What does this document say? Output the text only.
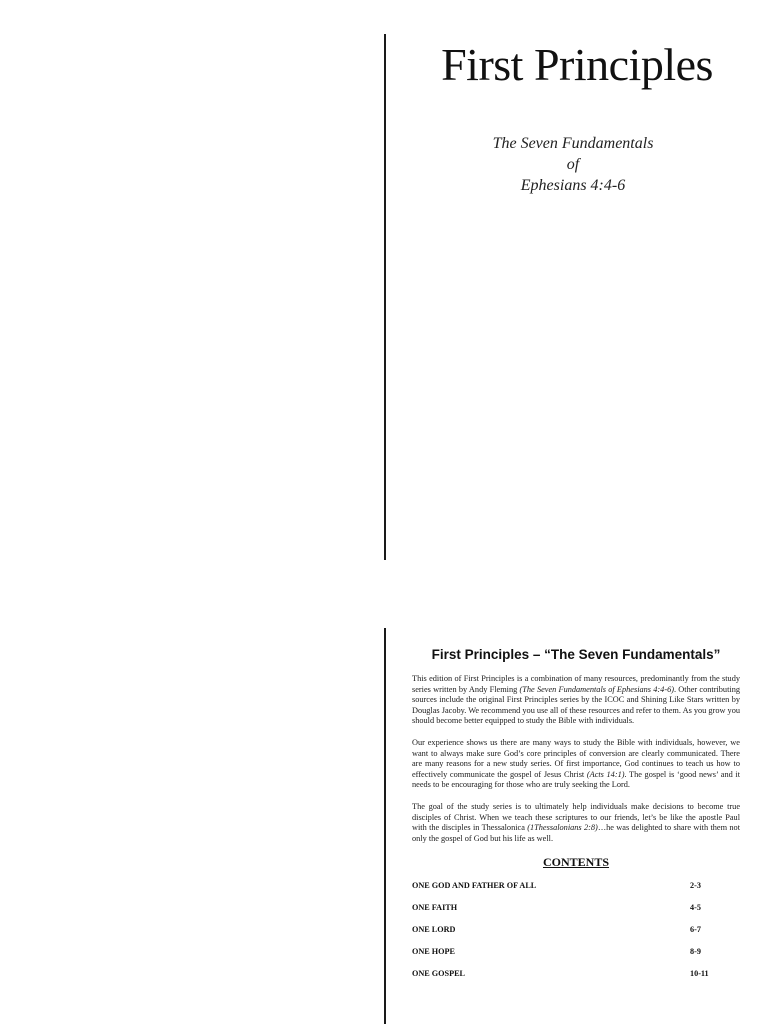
First Principles
The Seven Fundamentals
of
Ephesians 4:4-6
First Principles – “The Seven Fundamentals”

This edition of First Principles is a combination of many resources, predominantly from the study series written by Andy Fleming (The Seven Fundamentals of Ephesians 4:4-6). Other contributing sources include the original First Principles series by the ICOC and Shining Like Stars written by Douglas Jacoby. We recommend you use all of these resources and refer to them. As you grow you should become better equipped to study the Bible with individuals.

Our experience shows us there are many ways to study the Bible with individuals, however, we want to always make sure God’s core principles of conversion are clearly communicated. There are many reasons for a new study series. Of first importance, God continues to teach us how to effectively communicate the gospel of Jesus Christ (Acts 14:1). The gospel is ‘good news’ and it needs to be encouraging for those who are truly seeking the Lord.

The goal of the study series is to ultimately help individuals make decisions to become true disciples of Christ. When we teach these scriptures to our friends, let’s be like the apostle Paul with the disciples in Thessalonica (1Thessalonians 2:8)…he was delighted to share with them not only the gospel of God but his life as well.

CONTENTS
ONE GOD AND FATHER OF ALL	2-3
ONE FAITH	4-5
ONE LORD	6-7
ONE HOPE	8-9
ONE GOSPEL	10-11
